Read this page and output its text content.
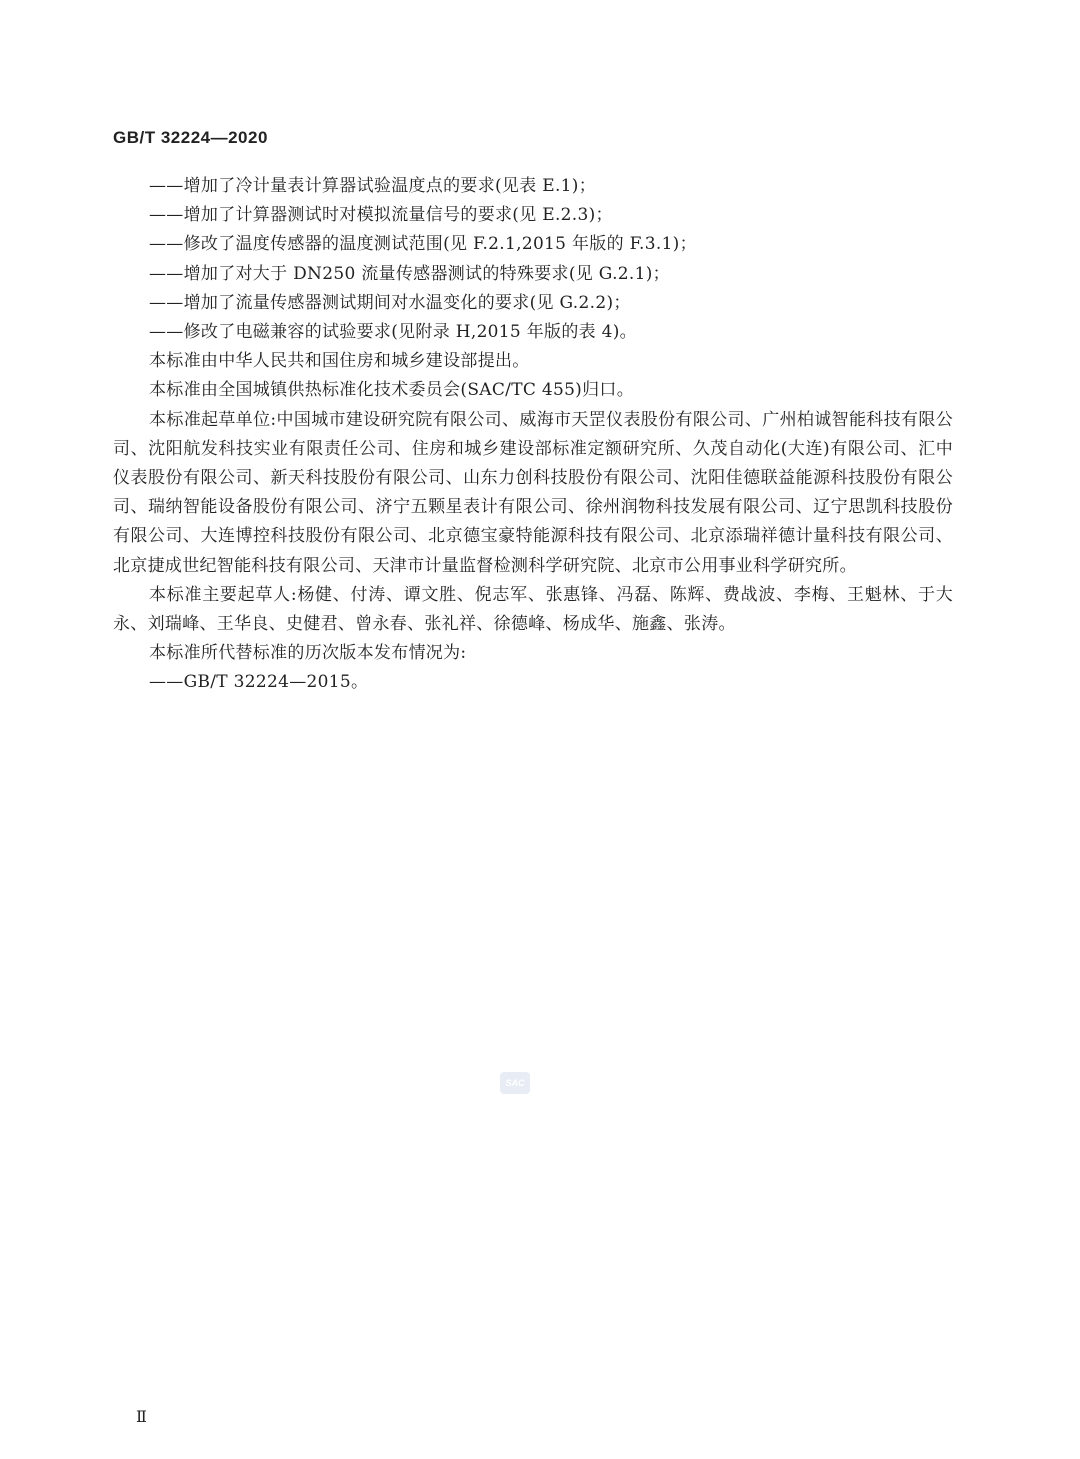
GB/T 32224—2020

——增加了冷计量表计算器试验温度点的要求(见表 E.1)；

——增加了计算器测试时对模拟流量信号的要求(见 E.2.3)；

——修改了温度传感器的温度测试范围(见 F.2.1,2015 年版的 F.3.1)；

——增加了对大于 DN250 流量传感器测试的特殊要求(见 G.2.1)；

——增加了流量传感器测试期间对水温变化的要求(见 G.2.2)；

——修改了电磁兼容的试验要求(见附录 H,2015 年版的表 4)。

本标准由中华人民共和国住房和城乡建设部提出。

本标准由全国城镇供热标准化技术委员会(SAC/TC 455)归口。

本标准起草单位:中国城市建设研究院有限公司、威海市天罡仪表股份有限公司、广州柏诚智能科技有限公司、沈阳航发科技实业有限责任公司、住房和城乡建设部标准定额研究所、久茂自动化(大连)有限公司、汇中仪表股份有限公司、新天科技股份有限公司、山东力创科技股份有限公司、沈阳佳德联益能源科技股份有限公司、瑞纳智能设备股份有限公司、济宁五颗星表计有限公司、徐州润物科技发展有限公司、辽宁思凯科技股份有限公司、大连博控科技股份有限公司、北京德宝豪特能源科技有限公司、北京添瑞祥德计量科技有限公司、北京捷成世纪智能科技有限公司、天津市计量监督检测科学研究院、北京市公用事业科学研究所。

本标准主要起草人:杨健、付涛、谭文胜、倪志军、张惠锋、冯磊、陈辉、费战波、李梅、王魁林、于大永、刘瑞峰、王华良、史健君、曾永春、张礼祥、徐德峰、杨成华、施鑫、张涛。

本标准所代替标准的历次版本发布情况为:

——GB/T 32224—2015。

SAC
Ⅱ
